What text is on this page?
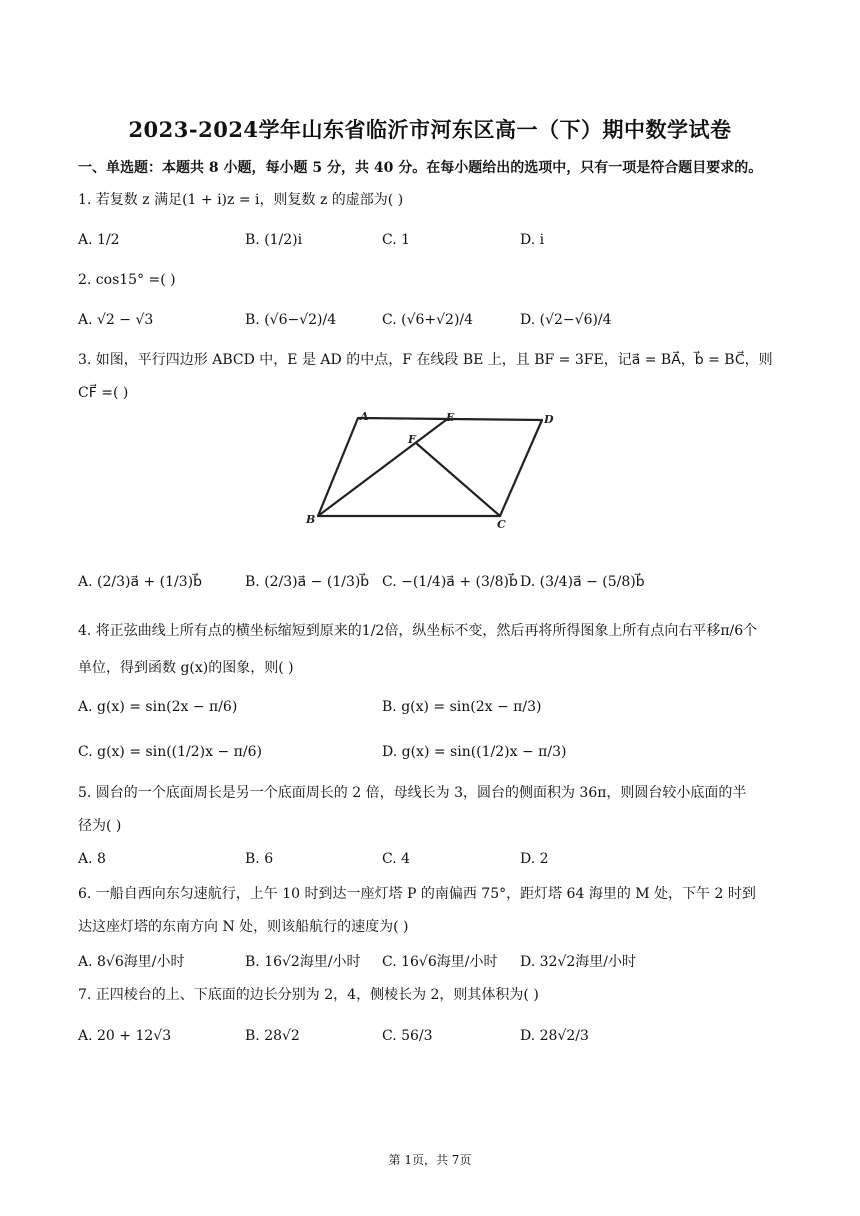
2023-2024学年山东省临沂市河东区高一（下）期中数学试卷
一、单选题：本题共 8 小题，每小题 5 分，共 40 分。在每小题给出的选项中，只有一项是符合题目要求的。
1. 若复数 z 满足(1 + i)z = i，则复数 z 的虚部为( )
A. 1/2	B. (1/2)i	C. 1	D. i
2. cos15° =( )
A. √2 − √3	B. (√6−√2)/4	C. (√6+√2)/4	D. (√2−√6)/4
3. 如图，平行四边形 ABCD 中，E 是 AD 的中点，F 在线段 BE 上，且 BF = 3FE，记a⃗ = BA⃗，b⃗ = BC⃗，则
CF⃗ =( )
A	E	D
F
B	C
A. (2/3)a⃗ + (1/3)b⃗	B. (2/3)a⃗ − (1/3)b⃗ C. −(1/4)a⃗ + (3/8)b⃗ D. (3/4)a⃗ − (5/8)b⃗
4. 将正弦曲线上所有点的横坐标缩短到原来的1/2倍，纵坐标不变，然后再将所得图象上所有点向右平移π/6个
单位，得到函数 g(x)的图象，则( )
A. g(x) = sin(2x − π/6)	B. g(x) = sin(2x − π/3)
C. g(x) = sin((1/2)x − π/6)	D. g(x) = sin((1/2)x − π/3)
5. 圆台的一个底面周长是另一个底面周长的 2 倍，母线长为 3，圆台的侧面积为 36π，则圆台较小底面的半
径为( )
A. 8	B. 6	C. 4	D. 2
6. 一船自西向东匀速航行，上午 10 时到达一座灯塔 P 的南偏西 75°，距灯塔 64 海里的 M 处，下午 2 时到
达这座灯塔的东南方向 N 处，则该船航行的速度为( )
A. 8√6海里/小时	B. 16√2海里/小时 C. 16√6海里/小时 D. 32√2海里/小时
7. 正四棱台的上、下底面的边长分别为 2，4，侧棱长为 2，则其体积为( )
A. 20 + 12√3	B. 28√2	C. 56/3	D. 28√2/3
第 1页，共 7页
